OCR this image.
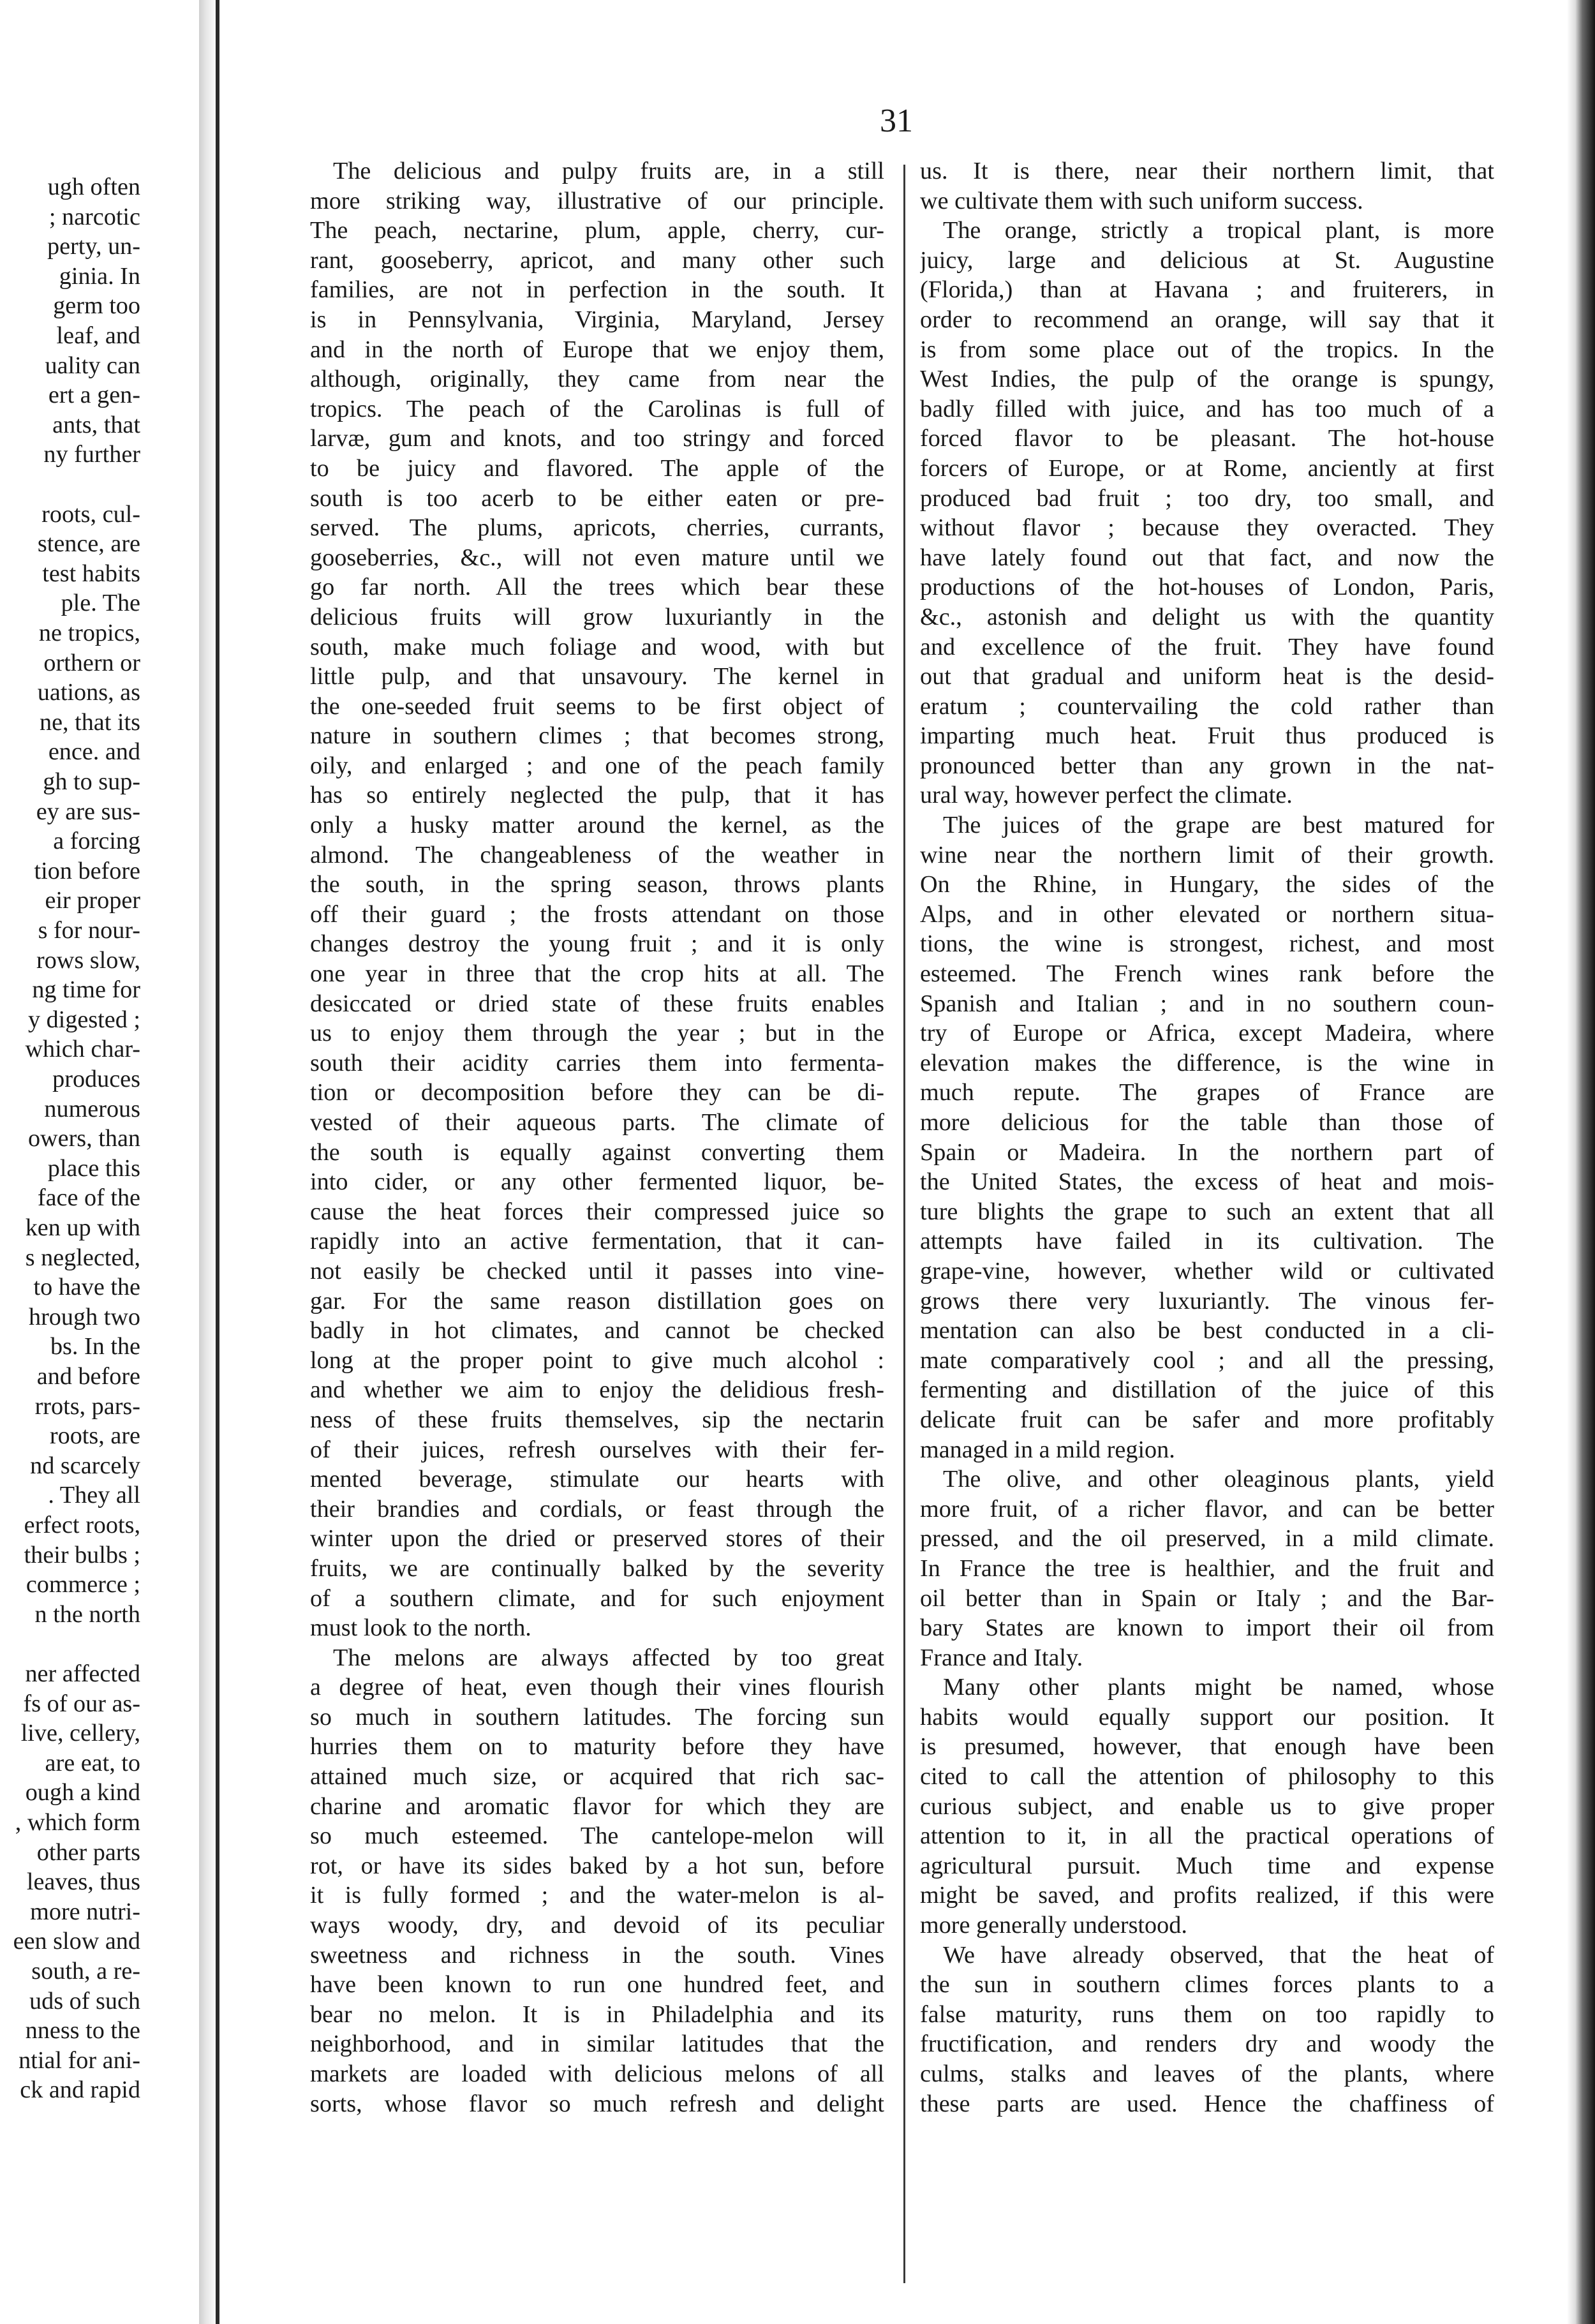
ugh often
; narcotic
perty, un-
ginia. In
germ too
leaf, and
uality can
ert a gen-
ants, that
ny further
roots, cul-
stence, are
test habits
ple. The
ne tropics,
orthern or
uations, as
ne, that its
ence. and
gh to sup-
ey are sus-
a forcing
tion before
eir proper
s for nour-
rows slow,
ng time for
y digested ;
which char-
produces
numerous
owers, than
place this
face of the
ken up with
s neglected,
to have the
hrough two
bs. In the
and before
rrots, pars-
roots, are
nd scarcely
. They all
erfect roots,
their bulbs ;
commerce ;
n the north
ner affected
fs of our as-
live, cellery,
are eat, to
ough a kind
, which form
other parts
leaves, thus
more nutri-
een slow and
south, a re-
uds of such
nness to the
ntial for ani-
ck and rapid
31
The delicious and pulpy fruits are, in a still
more striking way, illustrative of our principle.
The peach, nectarine, plum, apple, cherry, cur-
rant, gooseberry, apricot, and many other such
families, are not in perfection in the south. It
is in Pennsylvania, Virginia, Maryland, Jersey
and in the north of Europe that we enjoy them,
although, originally, they came from near the
tropics. The peach of the Carolinas is full of
larvæ, gum and knots, and too stringy and forced
to be juicy and flavored. The apple of the
south is too acerb to be either eaten or pre-
served. The plums, apricots, cherries, currants,
gooseberries, &c., will not even mature until we
go far north. All the trees which bear these
delicious fruits will grow luxuriantly in the
south, make much foliage and wood, with but
little pulp, and that unsavoury. The kernel in
the one-seeded fruit seems to be first object of
nature in southern climes ; that becomes strong,
oily, and enlarged ; and one of the peach family
has so entirely neglected the pulp, that it has
only a husky matter around the kernel, as the
almond. The changeableness of the weather in
the south, in the spring season, throws plants
off their guard ; the frosts attendant on those
changes destroy the young fruit ; and it is only
one year in three that the crop hits at all. The
desiccated or dried state of these fruits enables
us to enjoy them through the year ; but in the
south their acidity carries them into fermenta-
tion or decomposition before they can be di-
vested of their aqueous parts. The climate of
the south is equally against converting them
into cider, or any other fermented liquor, be-
cause the heat forces their compressed juice so
rapidly into an active fermentation, that it can-
not easily be checked until it passes into vine-
gar. For the same reason distillation goes on
badly in hot climates, and cannot be checked
long at the proper point to give much alcohol :
and whether we aim to enjoy the delidious fresh-
ness of these fruits themselves, sip the nectarin
of their juices, refresh ourselves with their fer-
mented beverage, stimulate our hearts with
their brandies and cordials, or feast through the
winter upon the dried or preserved stores of their
fruits, we are continually balked by the severity
of a southern climate, and for such enjoyment
must look to the north.
The melons are always affected by too great
a degree of heat, even though their vines flourish
so much in southern latitudes. The forcing sun
hurries them on to maturity before they have
attained much size, or acquired that rich sac-
charine and aromatic flavor for which they are
so much esteemed. The cantelope-melon will
rot, or have its sides baked by a hot sun, before
it is fully formed ; and the water-melon is al-
ways woody, dry, and devoid of its peculiar
sweetness and richness in the south. Vines
have been known to run one hundred feet, and
bear no melon. It is in Philadelphia and its
neighborhood, and in similar latitudes that the
markets are loaded with delicious melons of all
sorts, whose flavor so much refresh and delight
us. It is there, near their northern limit, that
we cultivate them with such uniform success.
The orange, strictly a tropical plant, is more
juicy, large and delicious at St. Augustine
(Florida,) than at Havana ; and fruiterers, in
order to recommend an orange, will say that it
is from some place out of the tropics. In the
West Indies, the pulp of the orange is spungy,
badly filled with juice, and has too much of a
forced flavor to be pleasant. The hot-house
forcers of Europe, or at Rome, anciently at first
produced bad fruit ; too dry, too small, and
without flavor ; because they overacted. They
have lately found out that fact, and now the
productions of the hot-houses of London, Paris,
&c., astonish and delight us with the quantity
and excellence of the fruit. They have found
out that gradual and uniform heat is the desid-
eratum ; countervailing the cold rather than
imparting much heat. Fruit thus produced is
pronounced better than any grown in the nat-
ural way, however perfect the climate.
The juices of the grape are best matured for
wine near the northern limit of their growth.
On the Rhine, in Hungary, the sides of the
Alps, and in other elevated or northern situa-
tions, the wine is strongest, richest, and most
esteemed. The French wines rank before the
Spanish and Italian ; and in no southern coun-
try of Europe or Africa, except Madeira, where
elevation makes the difference, is the wine in
much repute. The grapes of France are
more delicious for the table than those of
Spain or Madeira. In the northern part of
the United States, the excess of heat and mois-
ture blights the grape to such an extent that all
attempts have failed in its cultivation. The
grape-vine, however, whether wild or cultivated
grows there very luxuriantly. The vinous fer-
mentation can also be best conducted in a cli-
mate comparatively cool ; and all the pressing,
fermenting and distillation of the juice of this
delicate fruit can be safer and more profitably
managed in a mild region.
The olive, and other oleaginous plants, yield
more fruit, of a richer flavor, and can be better
pressed, and the oil preserved, in a mild climate.
In France the tree is healthier, and the fruit and
oil better than in Spain or Italy ; and the Bar-
bary States are known to import their oil from
France and Italy.
Many other plants might be named, whose
habits would equally support our position. It
is presumed, however, that enough have been
cited to call the attention of philosophy to this
curious subject, and enable us to give proper
attention to it, in all the practical operations of
agricultural pursuit. Much time and expense
might be saved, and profits realized, if this were
more generally understood.
We have already observed, that the heat of
the sun in southern climes forces plants to a
false maturity, runs them on too rapidly to
fructification, and renders dry and woody the
culms, stalks and leaves of the plants, where
these parts are used. Hence the chaffiness of
